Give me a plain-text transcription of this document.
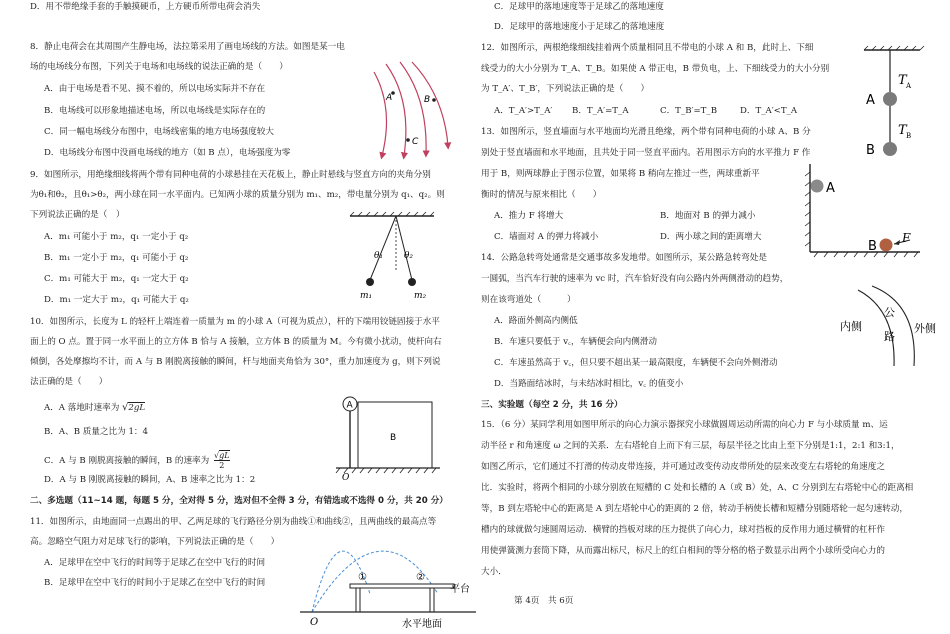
D．用不带绝缘手套的手触摸硬币，上方硬币所带电荷会消失
8．静止电荷会在其周围产生静电场，法拉第采用了画电场线的方法。如图是某一电
场的电场线分布图，下列关于电场和电场线的说法正确的是（　　）
A．由于电场是看不见、摸不着的，所以电场实际并不存在
B．电场线可以形象地描述电场，所以电场线是实际存在的
C．同一幅电场线分布图中，电场线密集的地方电场强度较大
D．电场线分布图中没画电场线的地方（如 B 点），电场强度为零
A	B
C
9．如图所示，用绝缘细线将两个带有同种电荷的小球悬挂在天花板上，静止时悬线与竖直方向的夹角分别
为θ₁和θ₂，且θ₁>θ₂，两小球在同一水平面内。已知两小球的质量分别为 m₁、m₂，带电量分别为 q₁、q₂。则
下列说法正确的是（　）
A．m₁ 可能小于 m₂，q₁ 一定小于 q₂
B．m₁ 一定小于 m₂，q₁ 可能小于 q₂
C．m₁ 可能大于 m₂，q₁ 一定大于 q₂
D．m₁ 一定大于 m₂，q₁ 可能大于 q₂
θ₁ θ₂
m₁	m₂
10．如图所示，长度为 L 的轻杆上端连着一质量为 m 的小球 A（可视为质点），杆的下端用铰链固接于水平
面上的 O 点。置于同一水平面上的立方体 B 恰与 A 接触，立方体 B 的质量为 M。今有微小扰动，使杆向右
倾倒，各处摩擦均不计，而 A 与 B 刚脱离接触的瞬间，杆与地面夹角恰为 30°，重力加速度为 g，则下列说
法正确的是（　　）
A．A 落地时速率为 √2gL
B．A、B 质量之比为 1：4
C．A 与 B 刚脱离接触的瞬间，B 的速率为 $\frac{√gL}{2}$
D．A 与 B 刚脱离接触的瞬间，A、B 速率之比为 1：2
A
B
O
二、多选题（11~14 题，每题 5 分，全对得 5 分，选对但不全得 3 分，有错选或不选得 0 分，共 20 分）
11．如图所示，由地面同一点踢出的甲、乙两足球的飞行路径分别为曲线①和曲线②，且两曲线的最高点等
高。忽略空气阻力对足球飞行的影响，下列说法正确的是（　　）
A．足球甲在空中飞行的时间等于足球乙在空中飞行的时间
B．足球甲在空中飞行的时间小于足球乙在空中飞行的时间	①	②
平台
O	水平地面
C．足球甲的落地速度等于足球乙的落地速度
D．足球甲的落地速度小于足球乙的落地速度
12．如图所示，两根绝缘细线挂着两个质量相同且不带电的小球 A 和 B，此时上、下细
线受力的大小分别为 T_A、T_B。如果使 A 带正电，B 带负电，上、下细线受力的大小分别
为 T_A′、T_B′，下列说法正确的是（　　）
A．T_A′>T_A′ B．T_A′=T_A	C．T_B′=T_B	D．T_A′<T_A
A
B
T A
T B
13．如图所示，竖直墙面与水平地面均光滑且绝缘，两个带有同种电荷的小球 A、B 分
别处于竖直墙面和水平地面，且共处于同一竖直平面内。若用图示方向的水平推力 F 作
用于 B，则两球静止于图示位置，如果将 B 稍向左推过一些，两球重新平
衡时的情况与原来相比（　　）
A．推力 F 将增大	B．地面对 B 的弹力减小
C．墙面对 A 的弹力将减小	D．两小球之间的距离增大
A
B
F
14．公路急转弯处通常是交通事故多发地带。如图所示，某公路急转弯处是
一圆弧，当汽车行驶的速率为 vc 时，汽车恰好没有向公路内外两侧滑动的趋势，
则在该弯道处（　　　）
A．路面外侧高内侧低
B．车速只要低于 v꜀，车辆便会向内侧滑动
C．车速虽然高于 v꜀，但只要不超出某一最高限度，车辆便不会向外侧滑动
D．当路面结冰时，与未结冰时相比，v꜀ 的值变小
内侧
公
路
外侧
三、实验题（每空 2 分，共 16 分）
15．（6 分）某同学利用如图甲所示的向心力演示器探究小球做圆周运动所需的向心力 F 与小球质量 m、运
动半径 r 和角速度 ω 之间的关系．左右塔轮自上而下有三层，每层半径之比由上至下分别是1:1，2:1 和3:1，
如图乙所示，它们通过不打滑的传动皮带连接，并可通过改变传动皮带所处的层来改变左右塔轮的角速度之
比．实验时，将两个相同的小球分别放在短槽的 C 处和长槽的 A（或 B）处，A、C 分别到左右塔轮中心的距离相
等，B 到左塔轮中心的距离是 A 到左塔轮中心的距离的 2 倍，转动手柄使长槽和短槽分别随塔轮一起匀速转动，
槽内的球就做匀速圆周运动．横臂的挡板对球的压力提供了向心力，球对挡板的反作用力通过横臂的杠杆作
用使弹簧测力套筒下降，从而露出标尺，标尺上的红白相间的等分格的格子数显示出两个小球所受向心力的
大小．
第 4页　共 6页
